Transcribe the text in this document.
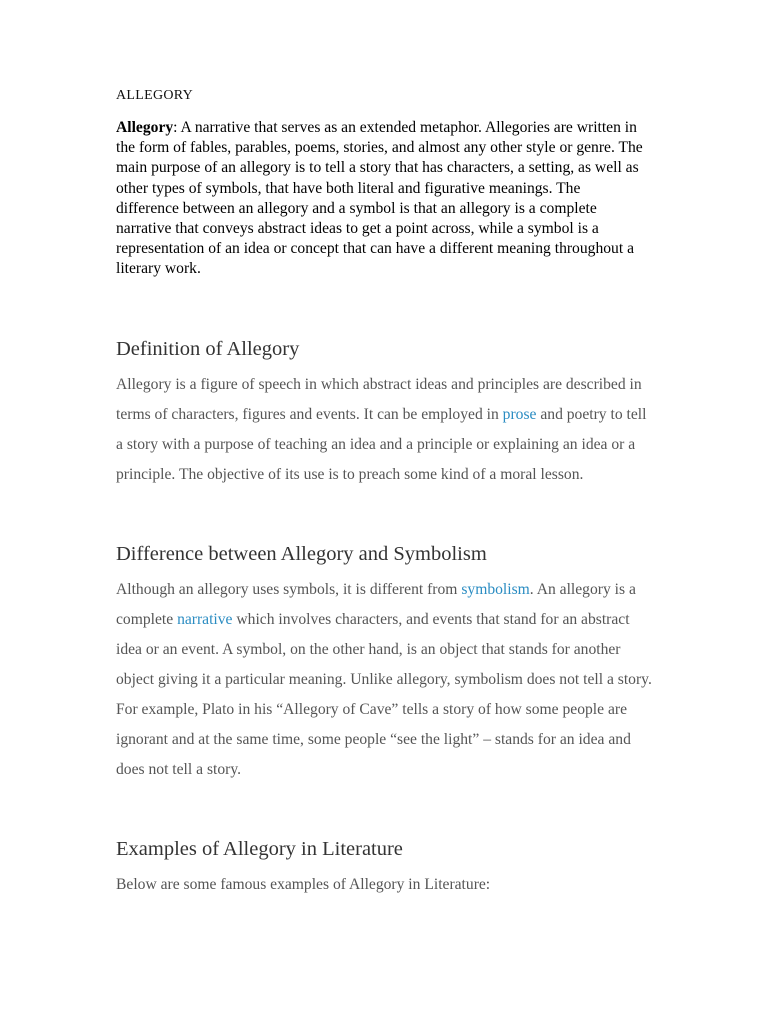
ALLEGORY

Allegory: A narrative that serves as an extended metaphor. Allegories are written in the form of fables, parables, poems, stories, and almost any other style or genre. The main purpose of an allegory is to tell a story that has characters, a setting, as well as other types of symbols, that have both literal and figurative meanings. The difference between an allegory and a symbol is that an allegory is a complete narrative that conveys abstract ideas to get a point across, while a symbol is a representation of an idea or concept that can have a different meaning throughout a literary work.

Definition of Allegory

Allegory is a figure of speech in which abstract ideas and principles are described in terms of characters, figures and events. It can be employed in prose and poetry to tell a story with a purpose of teaching an idea and a principle or explaining an idea or a principle. The objective of its use is to preach some kind of a moral lesson.

Difference between Allegory and Symbolism

Although an allegory uses symbols, it is different from symbolism. An allegory is a complete narrative which involves characters, and events that stand for an abstract idea or an event. A symbol, on the other hand, is an object that stands for another object giving it a particular meaning. Unlike allegory, symbolism does not tell a story. For example, Plato in his “Allegory of Cave” tells a story of how some people are ignorant and at the same time, some people “see the light” – stands for an idea and does not tell a story.

Examples of Allegory in Literature

Below are some famous examples of Allegory in Literature:
